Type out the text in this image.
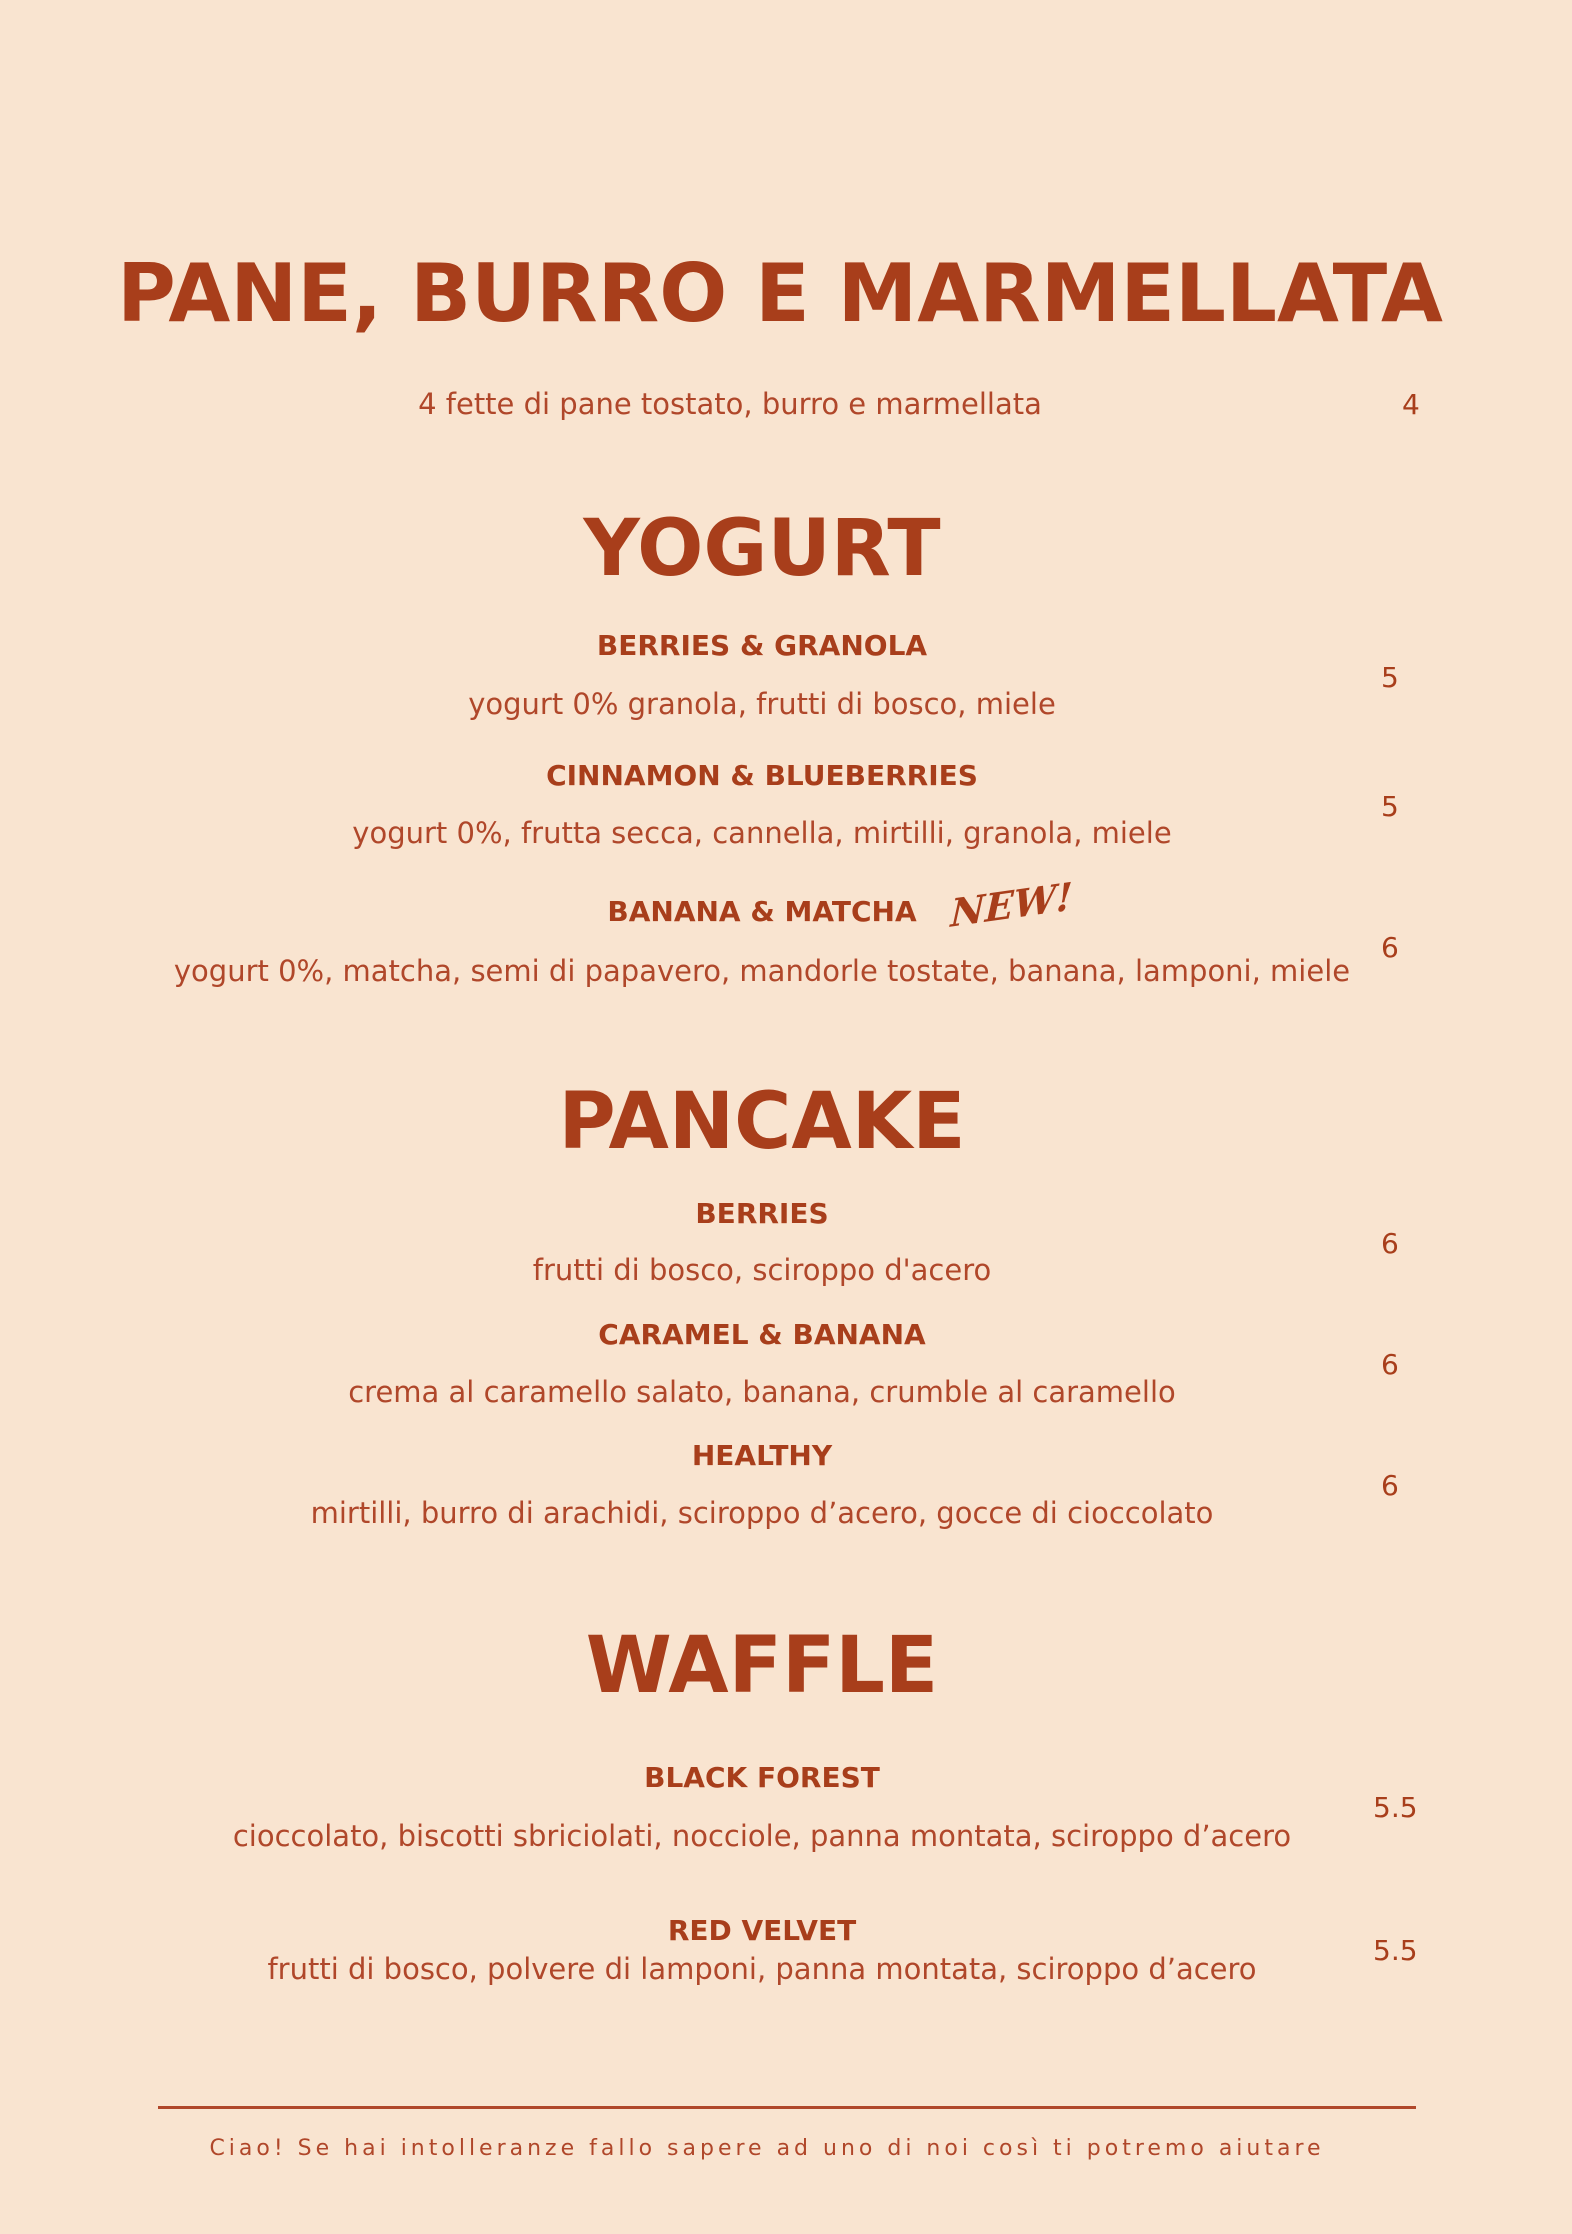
PANE, BURRO E MARMELLATA
4 fette di pane tostato, burro e marmellata	4
YOGURT
BERRIES & GRANOLA
yogurt 0% granola, frutti di bosco, miele
5
CINNAMON & BLUEBERRIES
yogurt 0%, frutta secca, cannella, mirtilli, granola, miele
5
BANANA & MATCHA NEW!
yogurt 0%, matcha, semi di papavero, mandorle tostate, banana, lamponi, miele
6
PANCAKE
BERRIES
frutti di bosco, sciroppo d'acero
6
CARAMEL & BANANA
crema al caramello salato, banana, crumble al caramello
6
HEALTHY
mirtilli, burro di arachidi, sciroppo d’acero, gocce di cioccolato
6
WAFFLE
BLACK FOREST
cioccolato, biscotti sbriciolati, nocciole, panna montata, sciroppo d’acero
5.5
RED VELVET
frutti di bosco, polvere di lamponi, panna montata, sciroppo d’acero
5.5
Ciao! Se hai intolleranze fallo sapere ad uno di noi così ti potremo aiutare
